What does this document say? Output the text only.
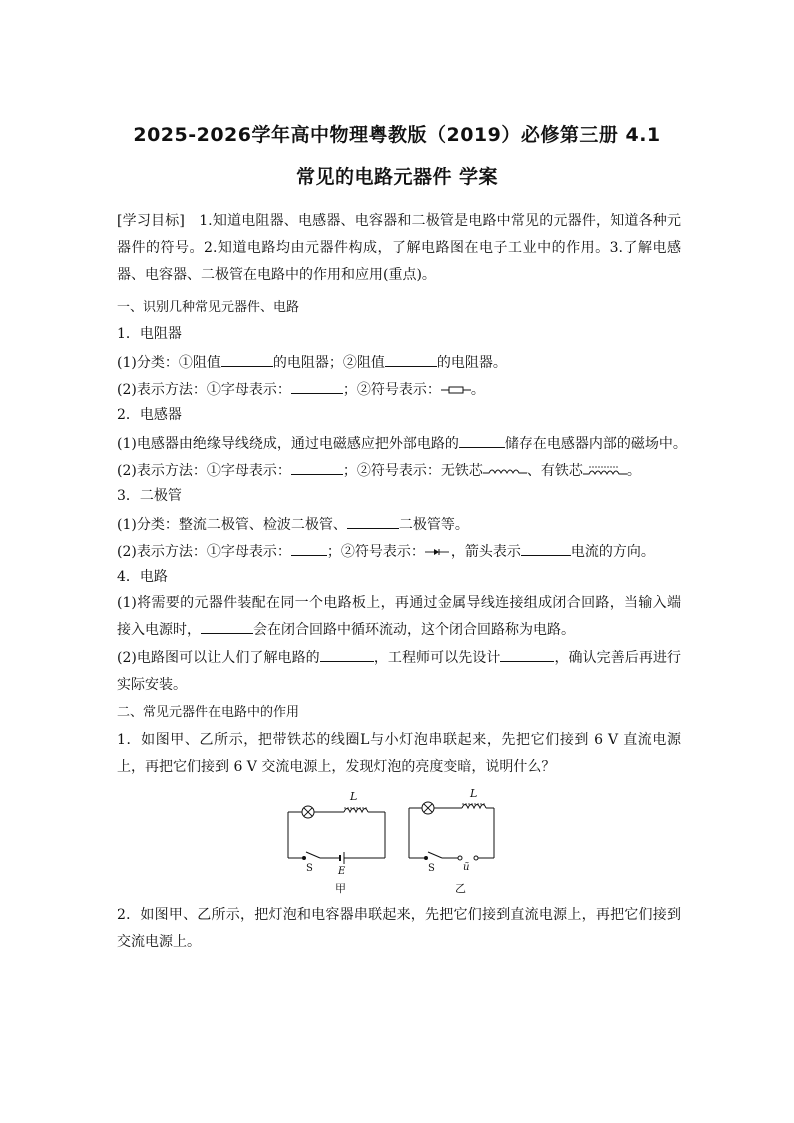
2025-2026学年高中物理粤教版（2019）必修第三册 4.1
常见的电路元器件 学案
[学习目标]　1.知道电阻器、电感器、电容器和二极管是电路中常见的元器件，知道各种元器件的符号。2.知道电路均由元器件构成，了解电路图在电子工业中的作用。3.了解电感器、电容器、二极管在电路中的作用和应用(重点)。
一、识别几种常见元器件、电路
1．电阻器
(1)分类：①阻值	的电阻器；②阻值	的电阻器。
(2)表示方法：①字母表示：	；②符号表示： 。
2．电感器
(1)电感器由绝缘导线绕成，通过电磁感应把外部电路的	储存在电感器内部的磁场中。
(2)表示方法：①字母表示：	；②符号表示：无铁芯	、有铁芯	。
3．二极管
(1)分类：整流二极管、检波二极管、	二极管等。
(2)表示方法：①字母表示：	；②符号表示： ，箭头表示	电流的方向。
4．电路
(1)将需要的元器件装配在同一个电路板上，再通过金属导线连接组成闭合回路，当输入端接入电源时，	会在闭合回路中循环流动，这个闭合回路称为电路。
(2)电路图可以让人们了解电路的	，工程师可以先设计	，确认完善后再进行实际安装。
二、常见元器件在电路中的作用
1．如图甲、乙所示，把带铁芯的线圈L与小灯泡串联起来，先把它们接到 6 V 直流电源上，再把它们接到 6 V 交流电源上，发现灯泡的亮度变暗，说明什么？
L
S	E
甲
L
S	ũ
乙
2．如图甲、乙所示，把灯泡和电容器串联起来，先把它们接到直流电源上，再把它们接到交流电源上。
